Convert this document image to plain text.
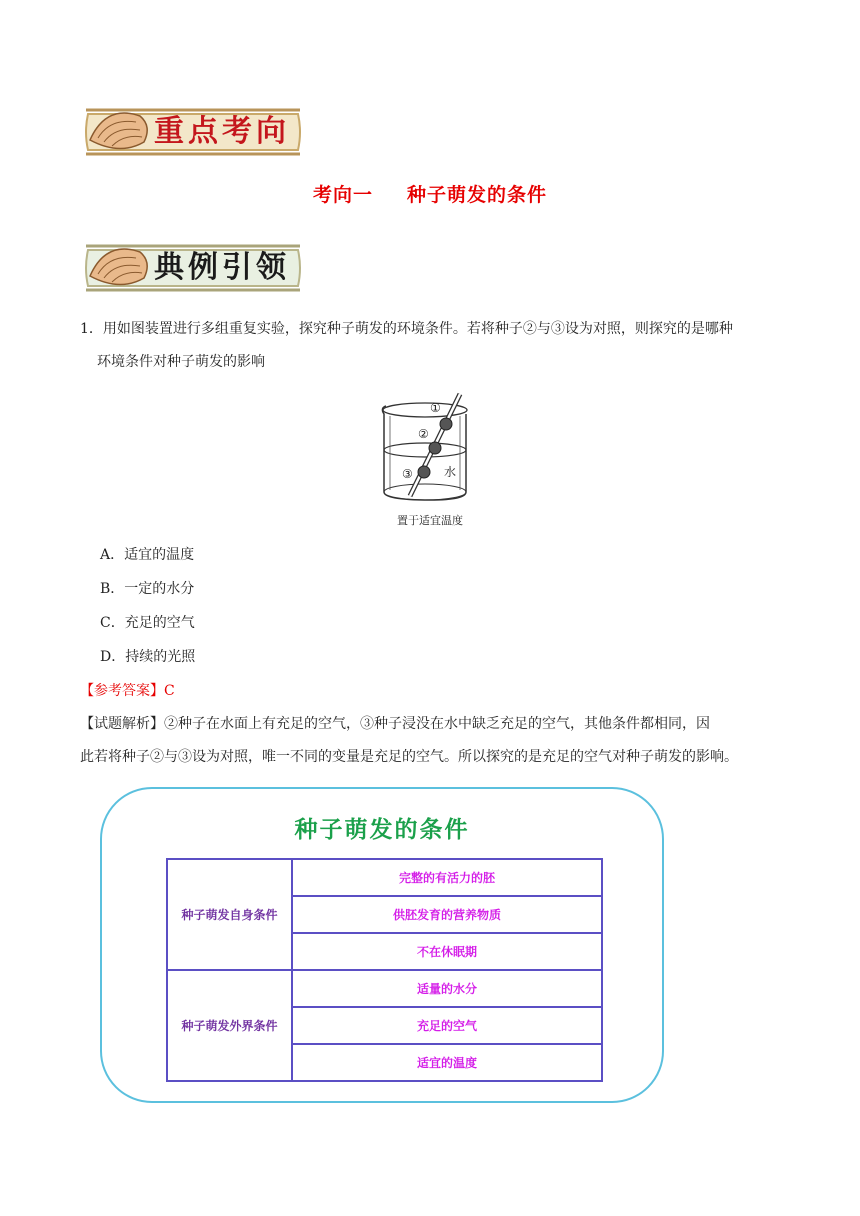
重点考向
考向一 种子萌发的条件
典例引领
1．用如图装置进行多组重复实验，探究种子萌发的环境条件。若将种子②与③设为对照，则探究的是哪种
环境条件对种子萌发的影响
①
②
③	水
置于适宜温度
A．适宜的温度
B．一定的水分
C．充足的空气
D．持续的光照
【参考答案】C
【试题解析】②种子在水面上有充足的空气，③种子浸没在水中缺乏充足的空气，其他条件都相同，因
此若将种子②与③设为对照，唯一不同的变量是充足的空气。所以探究的是充足的空气对种子萌发的影响。
种子萌发的条件
种子萌发自身条件	完整的有活力的胚
	供胚发育的营养物质
	不在休眠期
种子萌发外界条件	适量的水分
	充足的空气
	适宜的温度
